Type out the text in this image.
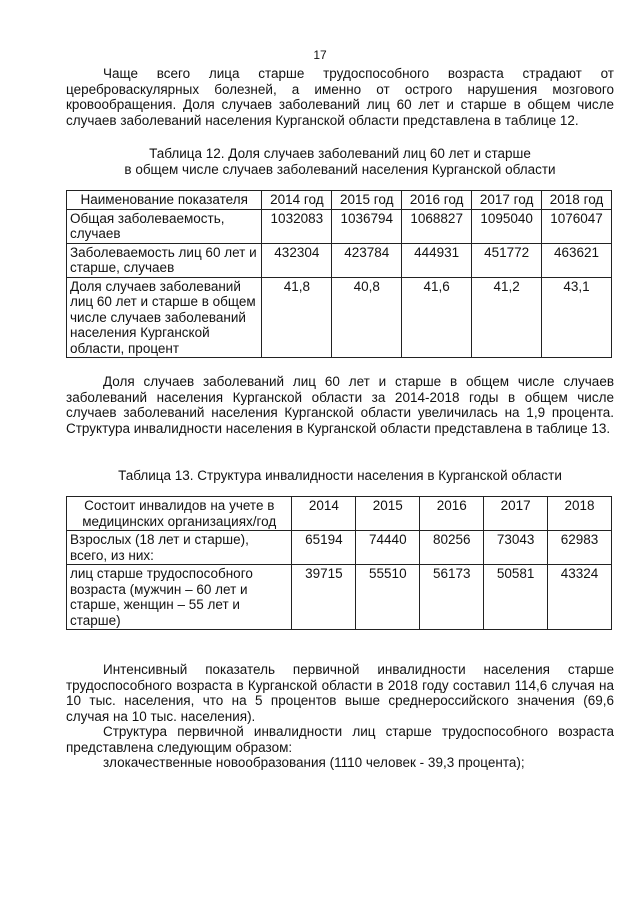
17

Чаще всего лица старше трудоспособного возраста страдают от цереброваскулярных болезней, а именно от острого нарушения мозгового кровообращения. Доля случаев заболеваний лиц 60 лет и старше в общем числе случаев заболеваний населения Курганской области представлена в таблице 12.

Таблица 12. Доля случаев заболеваний лиц 60 лет и старше
в общем числе случаев заболеваний населения Курганской области
Наименование показателя	2014 год	2015 год	2016 год	2017 год	2018 год
Общая заболеваемость, случаев	1032083	1036794	1068827	1095040	1076047
Заболеваемость лиц 60 лет и старше, случаев	432304	423784	444931	451772	463621
Доля случаев заболеваний лиц 60 лет и старше в общем числе случаев заболеваний населения Курганской области, процент	41,8	40,8	41,6	41,2	43,1

Доля случаев заболеваний лиц 60 лет и старше в общем числе случаев заболеваний населения Курганской области за 2014-2018 годы в общем числе случаев заболеваний населения Курганской области увеличилась на 1,9 процента. Структура инвалидности населения в Курганской области представлена в таблице 13.

Таблица 13. Структура инвалидности населения в Курганской области
Состоит инвалидов на учете в медицинских организациях/год	2014	2015	2016	2017	2018
Взрослых (18 лет и старше), всего, из них:	65194	74440	80256	73043	62983
лиц старше трудоспособного возраста (мужчин – 60 лет и старше, женщин – 55 лет и старше)	39715	55510	56173	50581	43324

Интенсивный показатель первичной инвалидности населения старше трудоспособного возраста в Курганской области в 2018 году составил 114,6 случая на 10 тыс. населения, что на 5 процентов выше среднероссийского значения (69,6 случая на 10 тыс. населения).

Структура первичной инвалидности лиц старше трудоспособного возраста представлена следующим образом:

злокачественные новообразования (1110 человек - 39,3 процента);
